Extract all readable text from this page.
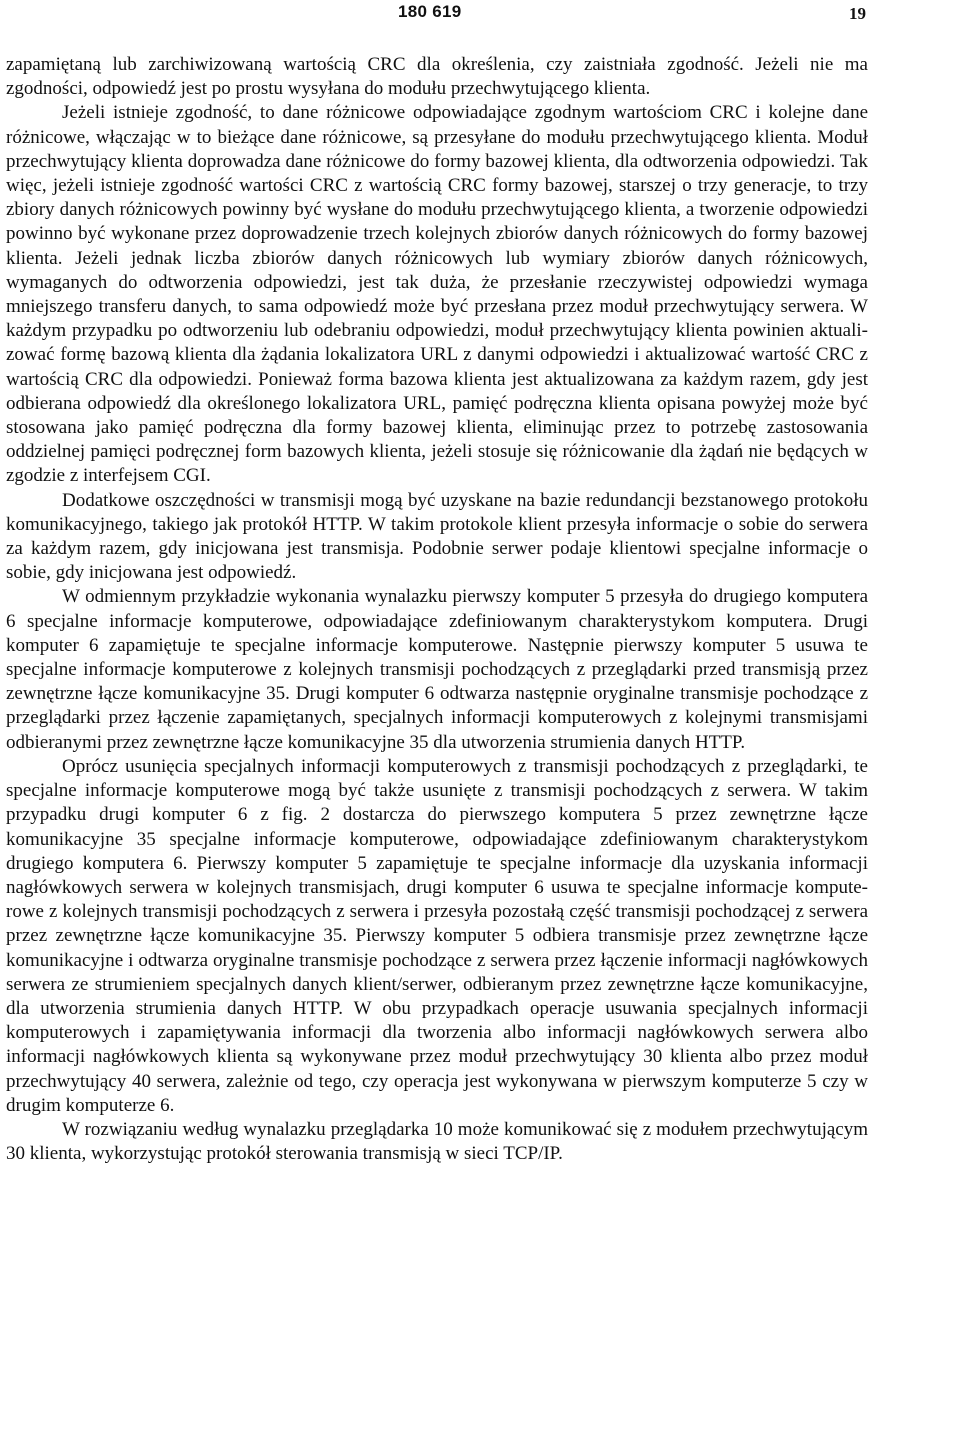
180 619	19

zapamiętaną lub zarchiwizowaną wartością CRC dla określenia, czy zaistniała zgodność. Jeżeli nie ma zgodności, odpowiedź jest po prostu wysyłana do modułu przechwytującego klienta.

Jeżeli istnieje zgodność, to dane różnicowe odpowiadające zgodnym wartościom CRC i kolejne dane różnicowe, włączając w to bieżące dane różnicowe, są przesyłane do modułu przechwytującego klienta. Moduł przechwytujący klienta doprowadza dane różnicowe do formy bazowej klienta, dla odtworzenia odpowiedzi. Tak więc, jeżeli istnieje zgodność wartości CRC z wartością CRC formy bazowej, starszej o trzy generacje, to trzy zbiory danych różnicowych powinny być wysłane do modułu przechwytującego klienta, a tworzenie odpowiedzi powinno być wykonane przez doprowadzenie trzech kolejnych zbiorów danych różnicowych do formy bazowej klienta. Jeżeli jednak liczba zbiorów danych różnicowych lub wymiary zbiorów danych różnicowych, wymaganych do odtworzenia odpowiedzi, jest tak duża, że przesłanie rzeczywistej odpowiedzi wymaga mniejszego transferu danych, to sama odpowiedź może być przesłana przez moduł przechwytujący serwera. W każdym przypadku po odtworzeniu lub odebraniu odpowiedzi, moduł przechwytujący klienta powinien aktualizować formę bazową klienta dla żądania lokalizatora URL z danymi odpowiedzi i aktualizować wartość CRC z wartością CRC dla odpowiedzi. Ponieważ forma bazowa klienta jest aktualizowana za każdym razem, gdy jest odbierana odpowiedź dla określonego lokalizatora URL, pamięć podręczna klienta opisana powyżej może być stosowana jako pamięć podręczna dla formy bazowej klienta, eliminując przez to potrzebę zastosowania oddzielnej pamięci podręcznej form bazowych klienta, jeżeli stosuje się różnicowanie dla żądań nie będących w zgodzie z interfejsem CGI.

Dodatkowe oszczędności w transmisji mogą być uzyskane na bazie redundancji bezstanowego protokołu komunikacyjnego, takiego jak protokół HTTP. W takim protokole klient przesyła informacje o sobie do serwera za każdym razem, gdy inicjowana jest transmisja. Podobnie serwer podaje klientowi specjalne informacje o sobie, gdy inicjowana jest odpowiedź.

W odmiennym przykładzie wykonania wynalazku pierwszy komputer 5 przesyła do drugiego komputera 6 specjalne informacje komputerowe, odpowiadające zdefiniowanym charakterystykom komputera. Drugi komputer 6 zapamiętuje te specjalne informacje komputerowe. Następnie pierwszy komputer 5 usuwa te specjalne informacje komputerowe z kolejnych transmisji pochodzących z przeglądarki przed transmisją przez zewnętrzne łącze komunikacyjne 35. Drugi komputer 6 odtwarza następnie oryginalne transmisje pochodzące z przeglądarki przez łączenie zapamiętanych, specjalnych informacji komputerowych z kolejnymi transmisjami odbieranymi przez zewnętrzne łącze komunikacyjne 35 dla utworzenia strumienia danych HTTP.

Oprócz usunięcia specjalnych informacji komputerowych z transmisji pochodzących z przeglądarki, te specjalne informacje komputerowe mogą być także usunięte z transmisji pochodzących z serwera. W takim przypadku drugi komputer 6 z fig. 2 dostarcza do pierwszego komputera 5 przez zewnętrzne łącze komunikacyjne 35 specjalne informacje komputerowe, odpowiadające zdefiniowanym charakterystykom drugiego komputera 6. Pierwszy komputer 5 zapamiętuje te specjalne informacje dla uzyskania informacji nagłówkowych serwera w kolejnych transmisjach, drugi komputer 6 usuwa te specjalne informacje komputerowe z kolejnych transmisji pochodzących z serwera i przesyła pozostałą część transmisji pochodzącej z serwera przez zewnętrzne łącze komunikacyjne 35. Pierwszy komputer 5 odbiera transmisje przez zewnętrzne łącze komunikacyjne i odtwarza oryginalne transmisje pochodzące z serwera przez łączenie informacji nagłówkowych serwera ze strumieniem specjalnych danych klient/serwer, odbieranym przez zewnętrzne łącze komunikacyjne, dla utworzenia strumienia danych HTTP. W obu przypadkach operacje usuwania specjalnych informacji komputerowych i zapamiętywania informacji dla tworzenia albo informacji nagłówkowych serwera albo informacji nagłówkowych klienta są wykonywane przez moduł przechwytujący 30 klienta albo przez moduł przechwytujący 40 serwera, zależnie od tego, czy operacja jest wykonywana w pierwszym komputerze 5 czy w drugim komputerze 6.

W rozwiązaniu według wynalazku przeglądarka 10 może komunikować się z modułem przechwytującym 30 klienta, wykorzystując protokół sterowania transmisją w sieci TCP/IP.
